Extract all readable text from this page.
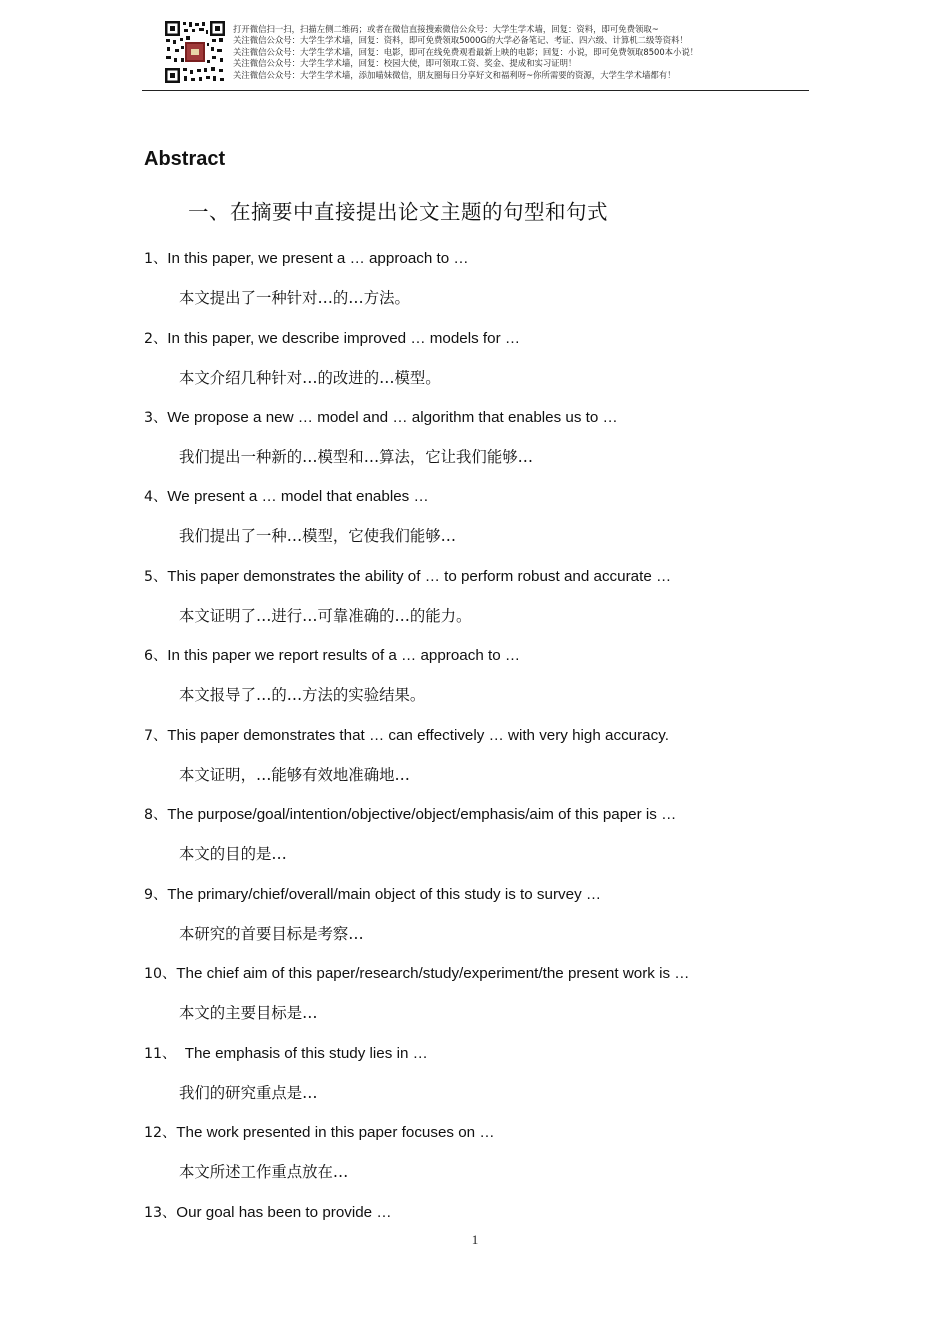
打开微信扫一扫，扫描左侧二维码；或者在微信直接搜索微信公众号：大学生学术墙，回复：资料，即可免费领取~
关注微信公众号：大学生学术墙，回复：资料，即可免费领取5000G的大学必备笔记、考证、四六级、计算机二级等资料！
关注微信公众号：大学生学术墙，回复：电影，即可在线免费观看最新上映的电影；回复：小说，即可免费领取8500本小说！
关注微信公众号：大学生学术墙，回复：校园大使，即可领取工资、奖金、提成和实习证明！
关注微信公众号：大学生学术墙，添加喵妹微信，朋友圈每日分享好文和福利呀~你所需要的资源，大学生学术墙都有！
Abstract
一、在摘要中直接提出论文主题的句型和句式
1、In this paper, we present a … approach to …
本文提出了一种针对…的…方法。
2、In this paper, we describe improved … models for …
本文介绍几种针对…的改进的…模型。
3、We propose a new … model and … algorithm that enables us to …
我们提出一种新的…模型和…算法，它让我们能够…
4、We present a … model that enables …
我们提出了一种…模型，它使我们能够…
5、This paper demonstrates the ability of … to perform robust and accurate …
本文证明了…进行…可靠准确的…的能力。
6、In this paper we report results of a … approach to …
本文报导了…的…方法的实验结果。
7、This paper demonstrates that … can effectively … with very high accuracy.
本文证明，…能够有效地准确地…
8、The purpose/goal/intention/objective/object/emphasis/aim of this paper is …
本文的目的是…
9、The primary/chief/overall/main object of this study is to survey …
本研究的首要目标是考察…
10、The chief aim of this paper/research/study/experiment/the present work is …
本文的主要目标是…
11、  The emphasis of this study lies in …
我们的研究重点是…
12、The work presented in this paper focuses on …
本文所述工作重点放在…
13、Our goal has been to provide …
1
